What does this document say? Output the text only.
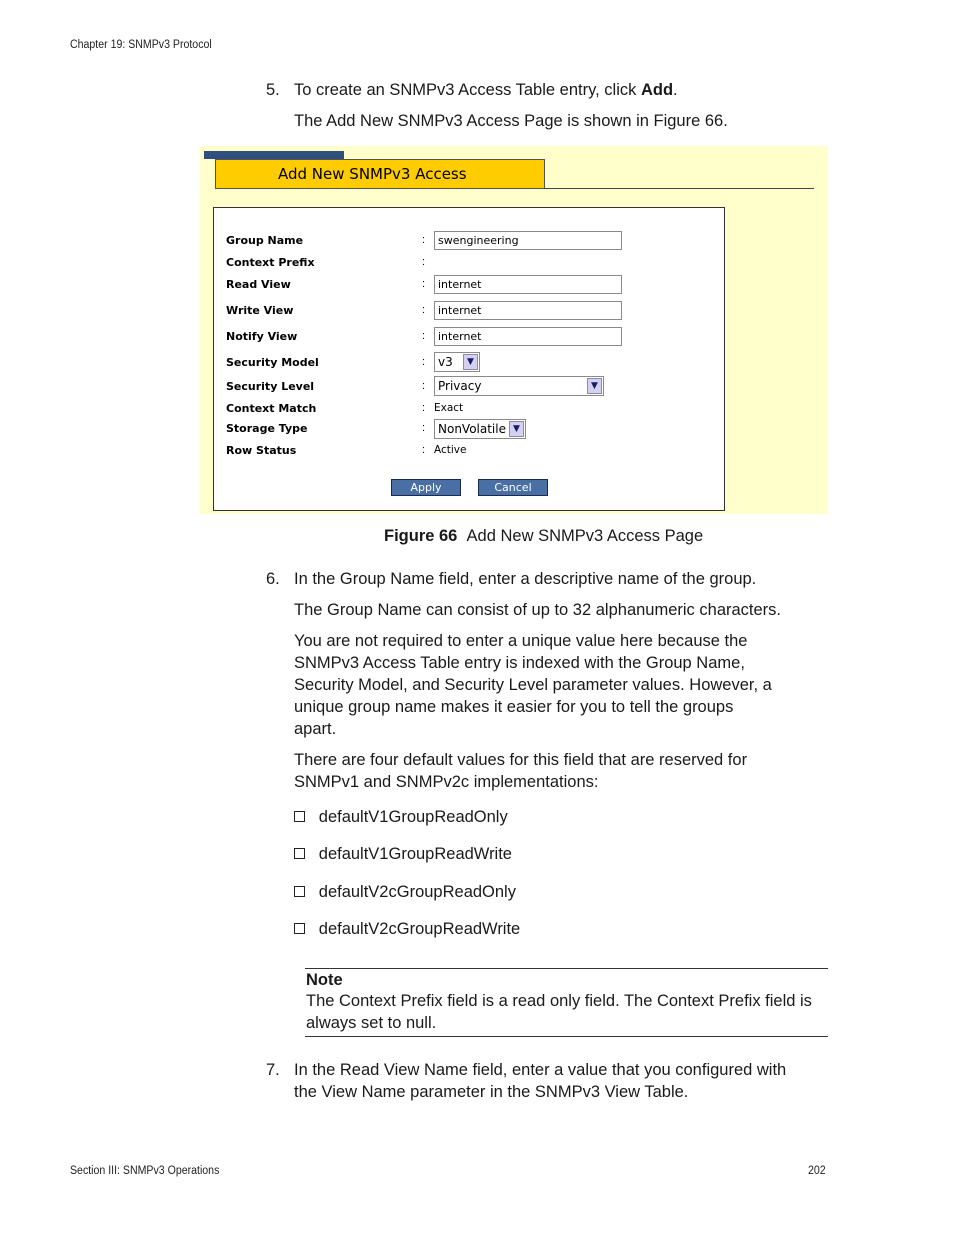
Chapter 19: SNMPv3 Protocol
5. To create an SNMPv3 Access Table entry, click Add.
The Add New SNMPv3 Access Page is shown in Figure 66.
Add New SNMPv3 Access
Group Name	:	swengineering
Context Prefix	:
Read View	:	internet
Write View	:	internet
Notify View	:	internet
Security Model	: v3	▼
Security Level	: Privacy	▼
Context Match	: Exact
Storage Type	: NonVolatile ▼
Row Status	: Active
Apply	Cancel
Figure 66 Add New SNMPv3 Access Page
6. In the Group Name field, enter a descriptive name of the group.
The Group Name can consist of up to 32 alphanumeric characters.
You are not required to enter a unique value here because the
SNMPv3 Access Table entry is indexed with the Group Name,
Security Model, and Security Level parameter values. However, a
unique group name makes it easier for you to tell the groups
apart.
There are four default values for this field that are reserved for
SNMPv1 and SNMPv2c implementations:
defaultV1GroupReadOnly
defaultV1GroupReadWrite
defaultV2cGroupReadOnly
defaultV2cGroupReadWrite
Note
The Context Prefix field is a read only field. The Context Prefix field is
always set to null.
7. In the Read View Name field, enter a value that you configured with
the View Name parameter in the SNMPv3 View Table.
Section III: SNMPv3 Operations	202
